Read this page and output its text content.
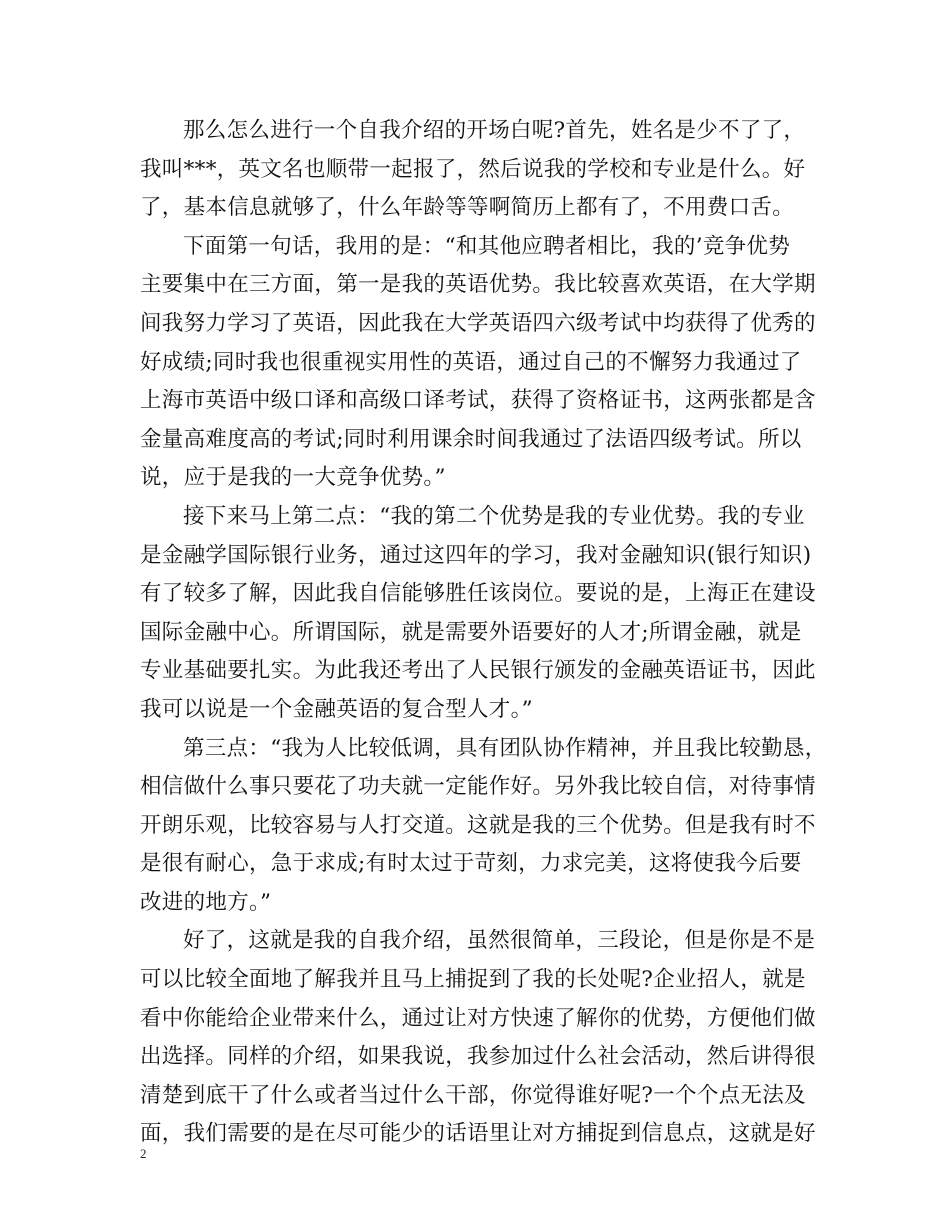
那么怎么进行一个自我介绍的开场白呢?首先，姓名是少不了了，
我叫***，英文名也顺带一起报了，然后说我的学校和专业是什么。好
了，基本信息就够了，什么年龄等等啊简历上都有了，不用费口舌。
下面第一句话，我用的是：“和其他应聘者相比，我的’竞争优势
主要集中在三方面，第一是我的英语优势。我比较喜欢英语，在大学期
间我努力学习了英语，因此我在大学英语四六级考试中均获得了优秀的
好成绩;同时我也很重视实用性的英语，通过自己的不懈努力我通过了
上海市英语中级口译和高级口译考试，获得了资格证书，这两张都是含
金量高难度高的考试;同时利用课余时间我通过了法语四级考试。所以
说，应于是我的一大竞争优势。”
接下来马上第二点：“我的第二个优势是我的专业优势。我的专业
是金融学国际银行业务，通过这四年的学习，我对金融知识(银行知识)
有了较多了解，因此我自信能够胜任该岗位。要说的是，上海正在建设
国际金融中心。所谓国际，就是需要外语要好的人才;所谓金融，就是
专业基础要扎实。为此我还考出了人民银行颁发的金融英语证书，因此
我可以说是一个金融英语的复合型人才。”
第三点：“我为人比较低调，具有团队协作精神，并且我比较勤恳，
相信做什么事只要花了功夫就一定能作好。另外我比较自信，对待事情
开朗乐观，比较容易与人打交道。这就是我的三个优势。但是我有时不
是很有耐心，急于求成;有时太过于苛刻，力求完美，这将使我今后要
改进的地方。”
好了，这就是我的自我介绍，虽然很简单，三段论，但是你是不是
可以比较全面地了解我并且马上捕捉到了我的长处呢?企业招人，就是
看中你能给企业带来什么，通过让对方快速了解你的优势，方便他们做
出选择。同样的介绍，如果我说，我参加过什么社会活动，然后讲得很
清楚到底干了什么或者当过什么干部，你觉得谁好呢?一个个点无法及
面，我们需要的是在尽可能少的话语里让对方捕捉到信息点，这就是好
2
